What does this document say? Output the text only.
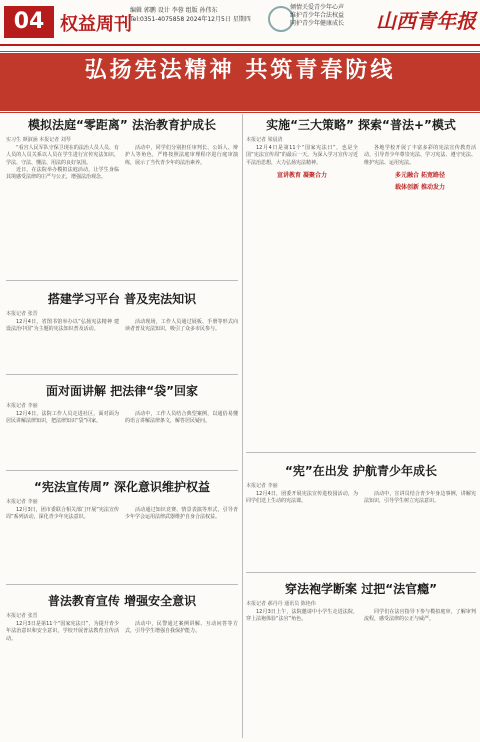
04 权益周刊
编辑 郭鹏 设计 李蓉 组版 孙伟东
Tel:0351-4075858 2024年12月5日 星期四
倾情关爱青少年心声
维护青少年合法权益
同护青少年健康成长 山西青年报
弘扬宪法精神 共筑青春防线
模拟法庭“零距离” 法治教育护成长
实习生 颜淑涵 本报记者 刘琴

“看宫人民军队守保卫现在的法治人员人员、有人员的人员关系以人员在学生进行宣传宪法知识，学法、守法、懂法、用法的良好氛围。

近日，在法院举办模拟法庭活动，让学生身临其境感受法律的庄严与公正，增强法治观念。

活动中，同学们分别担任审判长、公诉人、辩护人等角色，严格按照法庭审理程序进行庭审演练，展示了当代青少年的法治素养。

实施“三大策略” 探索“普法+”模式
本报记者 梁晨清

12月4日是第11个“国家宪法日”，也是全国“宪法宣传周”的最后一天。为深入学习宣传习近平法治思想，大力弘扬宪法精神。

宣讲教育 凝聚合力

各地学校开展了丰富多彩的宪法宣传教育活动，引导青少年尊崇宪法、学习宪法、遵守宪法、维护宪法、运用宪法。

多元融合 拓宽路径
载体创新 推动发力
搭建学习平台 普及宪法知识
本报记者 张晋

12月4日，省图书馆举办以“弘扬宪法精神 建设法治中国”为主题的宪法知识普及活动。

活动现场，工作人员通过展板、手册等形式向读者普及宪法知识，吸引了众多市民参与。

面对面讲解 把法律“袋”回家
本报记者 李丽

12月4日，法院工作人员走进社区，面对面为居民讲解法律知识，把法律知识“袋”回家。

活动中，工作人员结合典型案例，以通俗易懂的语言讲解法律条文，解答居民疑问。

“宪法宣传周” 深化意识维护权益
本报记者 李丽

12月3日，团市委联合相关部门开展“宪法宣传周”系列活动，深化青少年宪法意识。

活动通过知识竞赛、情景表演等形式，引导青少年学会运用法律武器维护自身合法权益。

“宪”在出发 护航青少年成长
本报记者 李丽

12月4日，团委开展宪法宣传进校园活动，为同学们送上生动的宪法课。

活动中，宣讲员结合青少年身边事例，讲解宪法知识，引导学生树立宪法意识。

普法教育宣传 增强安全意识
本报记者 张晋

12月3日是第11个“国家宪法日”，为提升青少年法治意识和安全意识，学校开展普法教育宣传活动。

活动中，民警通过案例讲解、互动问答等方式，引导学生增强自我保护能力。

穿法袍学断案 过把“法官瘾”
本报记者 郝丹丹 通讯员 陈艳伟

12月3日上午，法院邀请中小学生走进法院，穿上法袍体验“法官”角色。

同学们在法官指导下参与模拟庭审，了解审判流程，感受法律的公正与威严。
